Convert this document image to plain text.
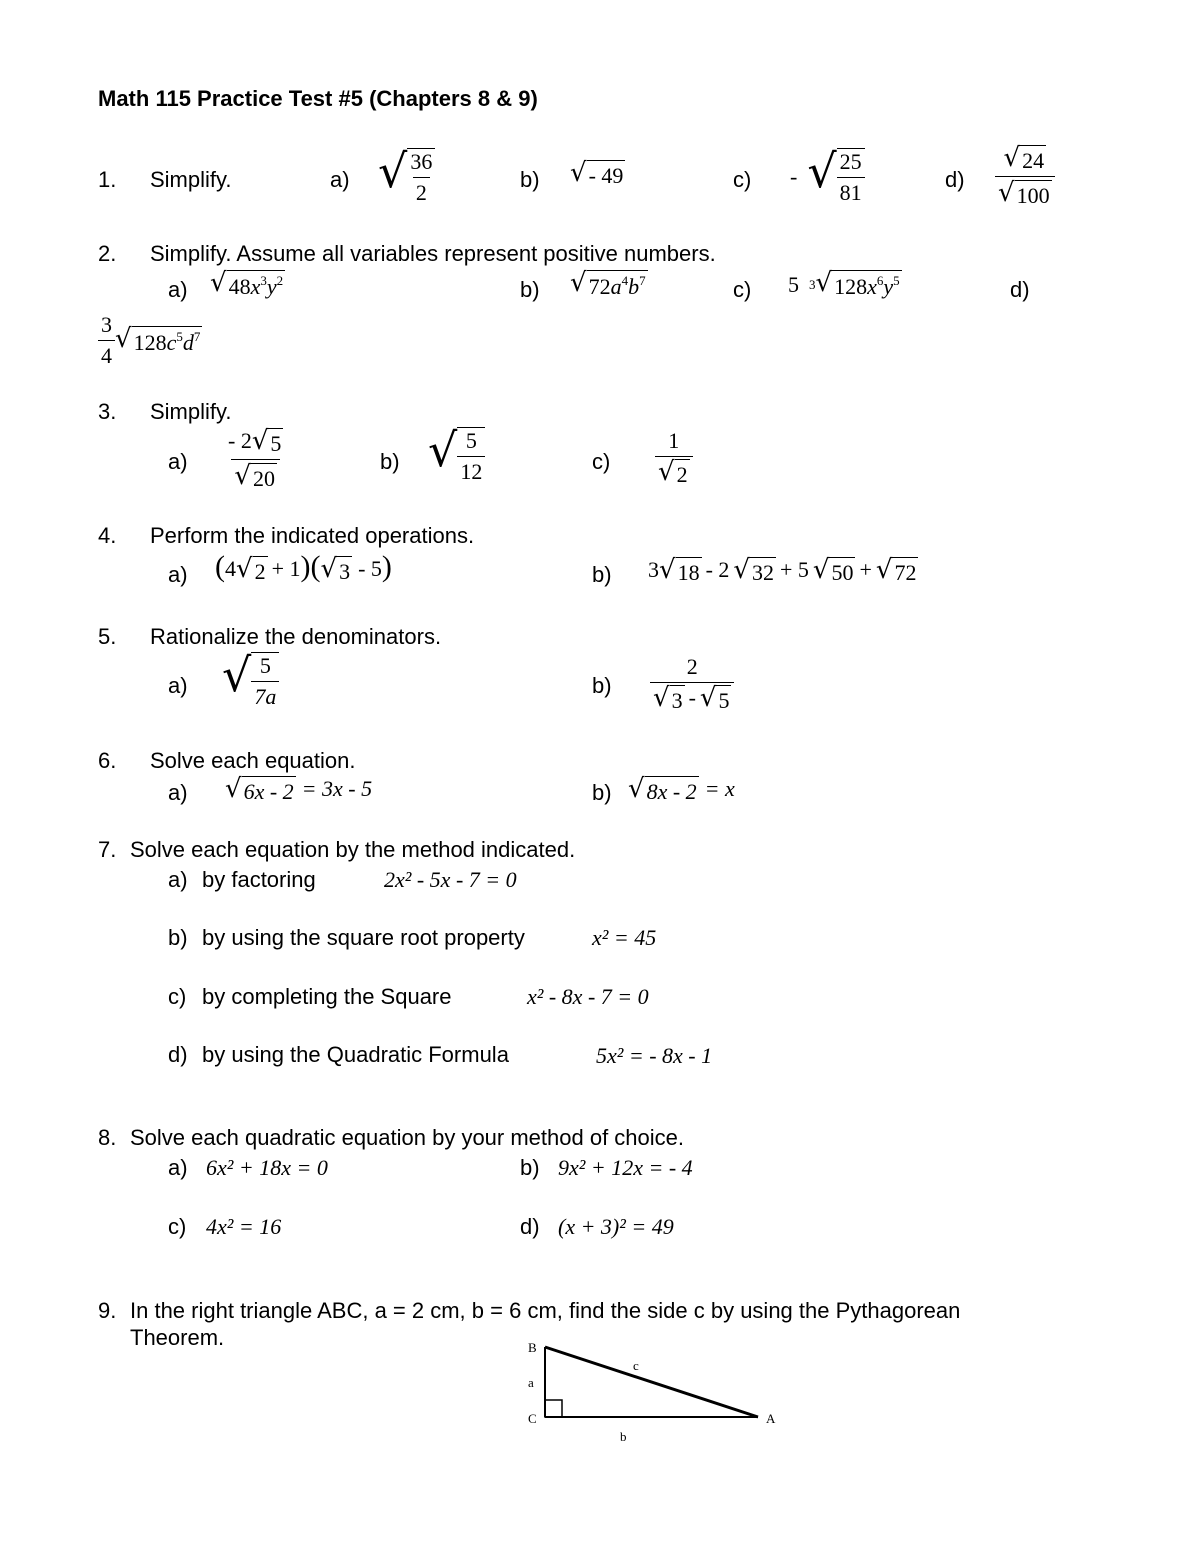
Math 115 Practice Test #5 (Chapters 8 & 9)
1. Simplify.	a) √ $\frac{36}{2}$	b) √ - 49	c) - √ $\frac{25}{81}$	$d) \frac{√ 24}{√ 100}$
2. Simplify. Assume all variables represent positive numbers.
a) √ $48x^3y^2$	b) √ $72a^4b^7$	c) 5 3 √ $128x^6y^5$	d)
$\frac{3}{4}$ √ $128c^5d^7$
3. Simplify.
$a) \frac{- 2 √ 5}{√ 20}$	b) √ $\frac{5}{12}$	$c) \frac{1}{√ 2}$
4. Perform the indicated operations.
a) (4 √ 2 + 1)( √ 3 - 5)	b) 3 √ 18 - 2 √ 32 + 5 √ 50 + √ 72
5. Rationalize the denominators.
a) √ $\frac{5}{7a}$	$b) \frac{2}{√ 3 - √ 5}$
6. Solve each equation.
a) √ 6x - 2 = 3x - 5	b) √ 8x - 2 = x
7. Solve each equation by the method indicated.
a) by factoring	2x² - 5x - 7 = 0
b) by using the square root property	x² = 45
c) by completing the Square	x² - 8x - 7 = 0
d) by using the Quadratic Formula	5x² = - 8x - 1
8. Solve each quadratic equation by your method of choice.
a) 6x² + 18x = 0	b) 9x² + 12x = - 4
c) 4x² = 16	d) (x + 3)² = 49
9. In the right triangle ABC, a = 2 cm, b = 6 cm, find the side c by using the Pythagorean
Theorem.	B
C	A
a
b
c
